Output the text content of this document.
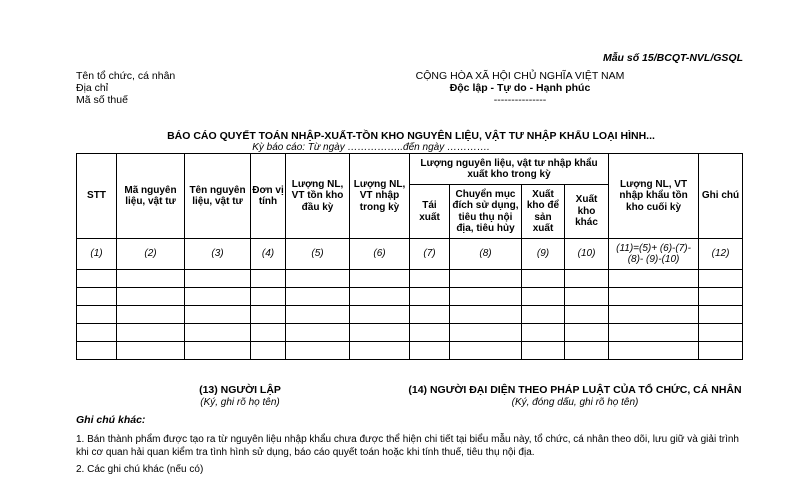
Mẫu số 15/BCQT-NVL/GSQL
Tên tổ chức, cá nhân
Địa chỉ
Mã số thuế
CỘNG HÒA XÃ HỘI CHỦ NGHĨA VIỆT NAM
Độc lập - Tự do - Hạnh phúc
---------------
BÁO CÁO QUYẾT TOÁN NHẬP-XUẤT-TỒN KHO NGUYÊN LIỆU, VẬT TƯ NHẬP KHẨU LOẠI HÌNH...
Kỳ báo cáo: Từ ngày ……………..đến ngày ………….
STT	Mã nguyên liệu, vật tư	Tên nguyên liệu, vật tư	Đơn vị tính	Lượng NL, VT tồn kho đầu kỳ	Lượng NL, VT nhập trong kỳ	Lượng nguyên liệu, vật tư nhập khẩu xuất kho trong kỳ				Lượng NL, VT nhập khẩu tồn kho cuối kỳ	Ghi chú
						Tái xuất	Chuyển mục đích sử dụng, tiêu thụ nội địa, tiêu hủy	Xuất kho để sản xuất	Xuất kho khác		
(1)	(2)	(3)	(4)	(5)	(6)	(7)	(8)	(9)	(10)	(11)=(5)+ (6)-(7)-(8)- (9)-(10)	(12)

(13) NGƯỜI LẬP
(Ký, ghi rõ họ tên)
(14) NGƯỜI ĐẠI DIỆN THEO PHÁP LUẬT CỦA TỔ CHỨC, CÁ NHÂN
(Ký, đóng dấu, ghi rõ họ tên)
Ghi chú khác:
1. Bán thành phẩm được tạo ra từ nguyên liệu nhập khẩu chưa được thể hiện chi tiết tại biểu mẫu này, tổ chức, cá nhân theo dõi, lưu giữ và giải trình khi cơ quan hải quan kiểm tra tình hình sử dụng, báo cáo quyết toán hoặc khi tính thuế, tiêu thụ nội địa.
2. Các ghi chú khác (nếu có)
